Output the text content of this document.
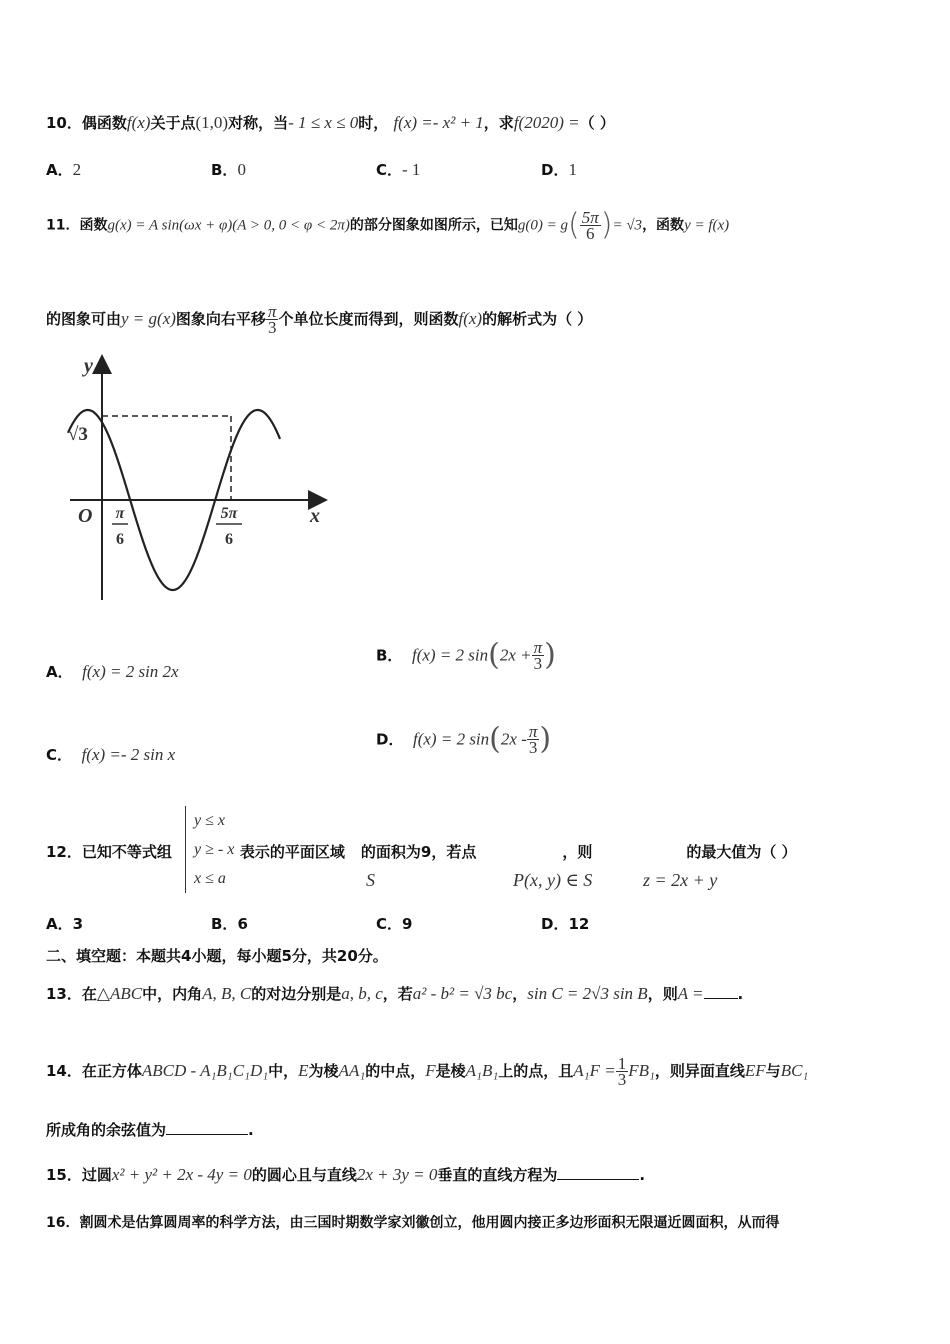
10．偶函数f(x)关于点(1,0)对称，当- 1 ≤ x ≤ 0时， f(x) =- x² + 1，求f(2020) =（ ）
A．2	B．0	C．- 1	D．1
11．函数g(x) = A sin(ωx + φ)(A > 0, 0 < φ < 2π)的部分图象如图所示，已知$g(0) = g( \frac{5\pi}{6}$ )= √3，函数y = f(x)
的图象可由y = g(x)图象向右平移 $\frac{\pi}{3}$ 个单位长度而得到，则函数f(x)的解析式为（ ）
y
x
O
√3
π
6
5π
6
A． f(x) = 2 sin 2x
B． f(x) = 2 $\sin(2x + \frac{\pi}{3}$ )
C． f(x) =- 2 sin x
D． f(x) = 2 $\sin(2x - \frac{\pi}{3}$ )
12．已知不等式组	表示的平面区域 的面积为9，若点	，则	的最大值为（ ）
y ≤ x
y ≥ - x
x ≤ a	S	P(x, y) ∈ S	z = 2x + y
A．3	B．6	C．9	D．12
二、填空题：本题共4小题，每小题5分，共20分。
13．在△ABC中，内角A, B, C的对边分别是a, b, c，若a² - b² = √3 bc，sin C = 2√3 sin B，则A = .
14．在正方体ABCD - A₁B₁C₁D₁中，E为棱AA₁的中点，F是棱A₁B₁上的点，且$A_1F = \frac{1}{3} FB_1$，则异面直线EF与BC₁
所成角的余弦值为	.
15．过圆x² + y² + 2x - 4y = 0的圆心且与直线2x + 3y = 0垂直的直线方程为	.
16．割圆术是估算圆周率的科学方法，由三国时期数学家刘徽创立，他用圆内接正多边形面积无限逼近圆面积，从而得
